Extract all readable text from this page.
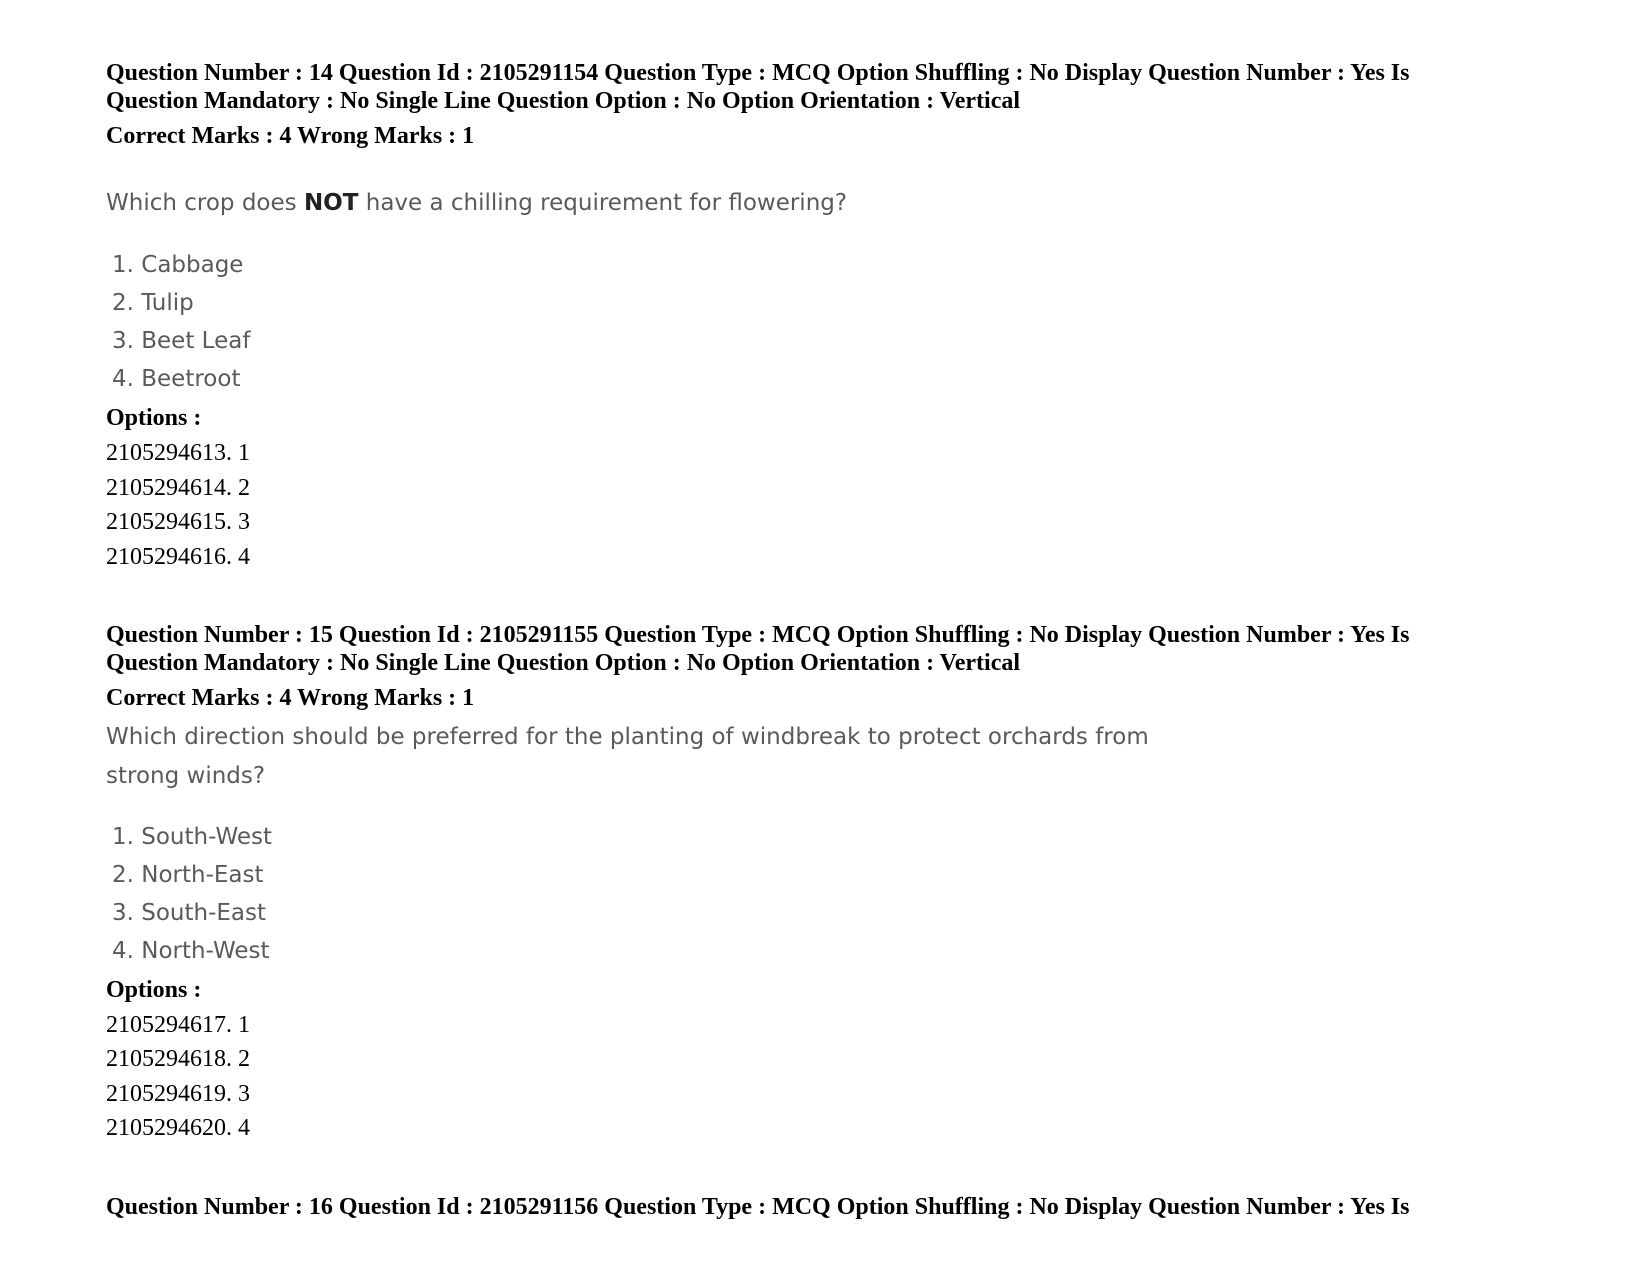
Question Number : 14 Question Id : 2105291154 Question Type : MCQ Option Shuffling : No Display Question Number : Yes Is
Question Mandatory : No Single Line Question Option : No Option Orientation : Vertical
Correct Marks : 4 Wrong Marks : 1
Which crop does NOT have a chilling requirement for flowering?
1. Cabbage
2. Tulip
3. Beet Leaf
4. Beetroot
Options :
2105294613. 1
2105294614. 2
2105294615. 3
2105294616. 4
Question Number : 15 Question Id : 2105291155 Question Type : MCQ Option Shuffling : No Display Question Number : Yes Is
Question Mandatory : No Single Line Question Option : No Option Orientation : Vertical
Correct Marks : 4 Wrong Marks : 1
Which direction should be preferred for the planting of windbreak to protect orchards from
strong winds?
1. South-West
2. North-East
3. South-East
4. North-West
Options :
2105294617. 1
2105294618. 2
2105294619. 3
2105294620. 4
Question Number : 16 Question Id : 2105291156 Question Type : MCQ Option Shuffling : No Display Question Number : Yes Is
